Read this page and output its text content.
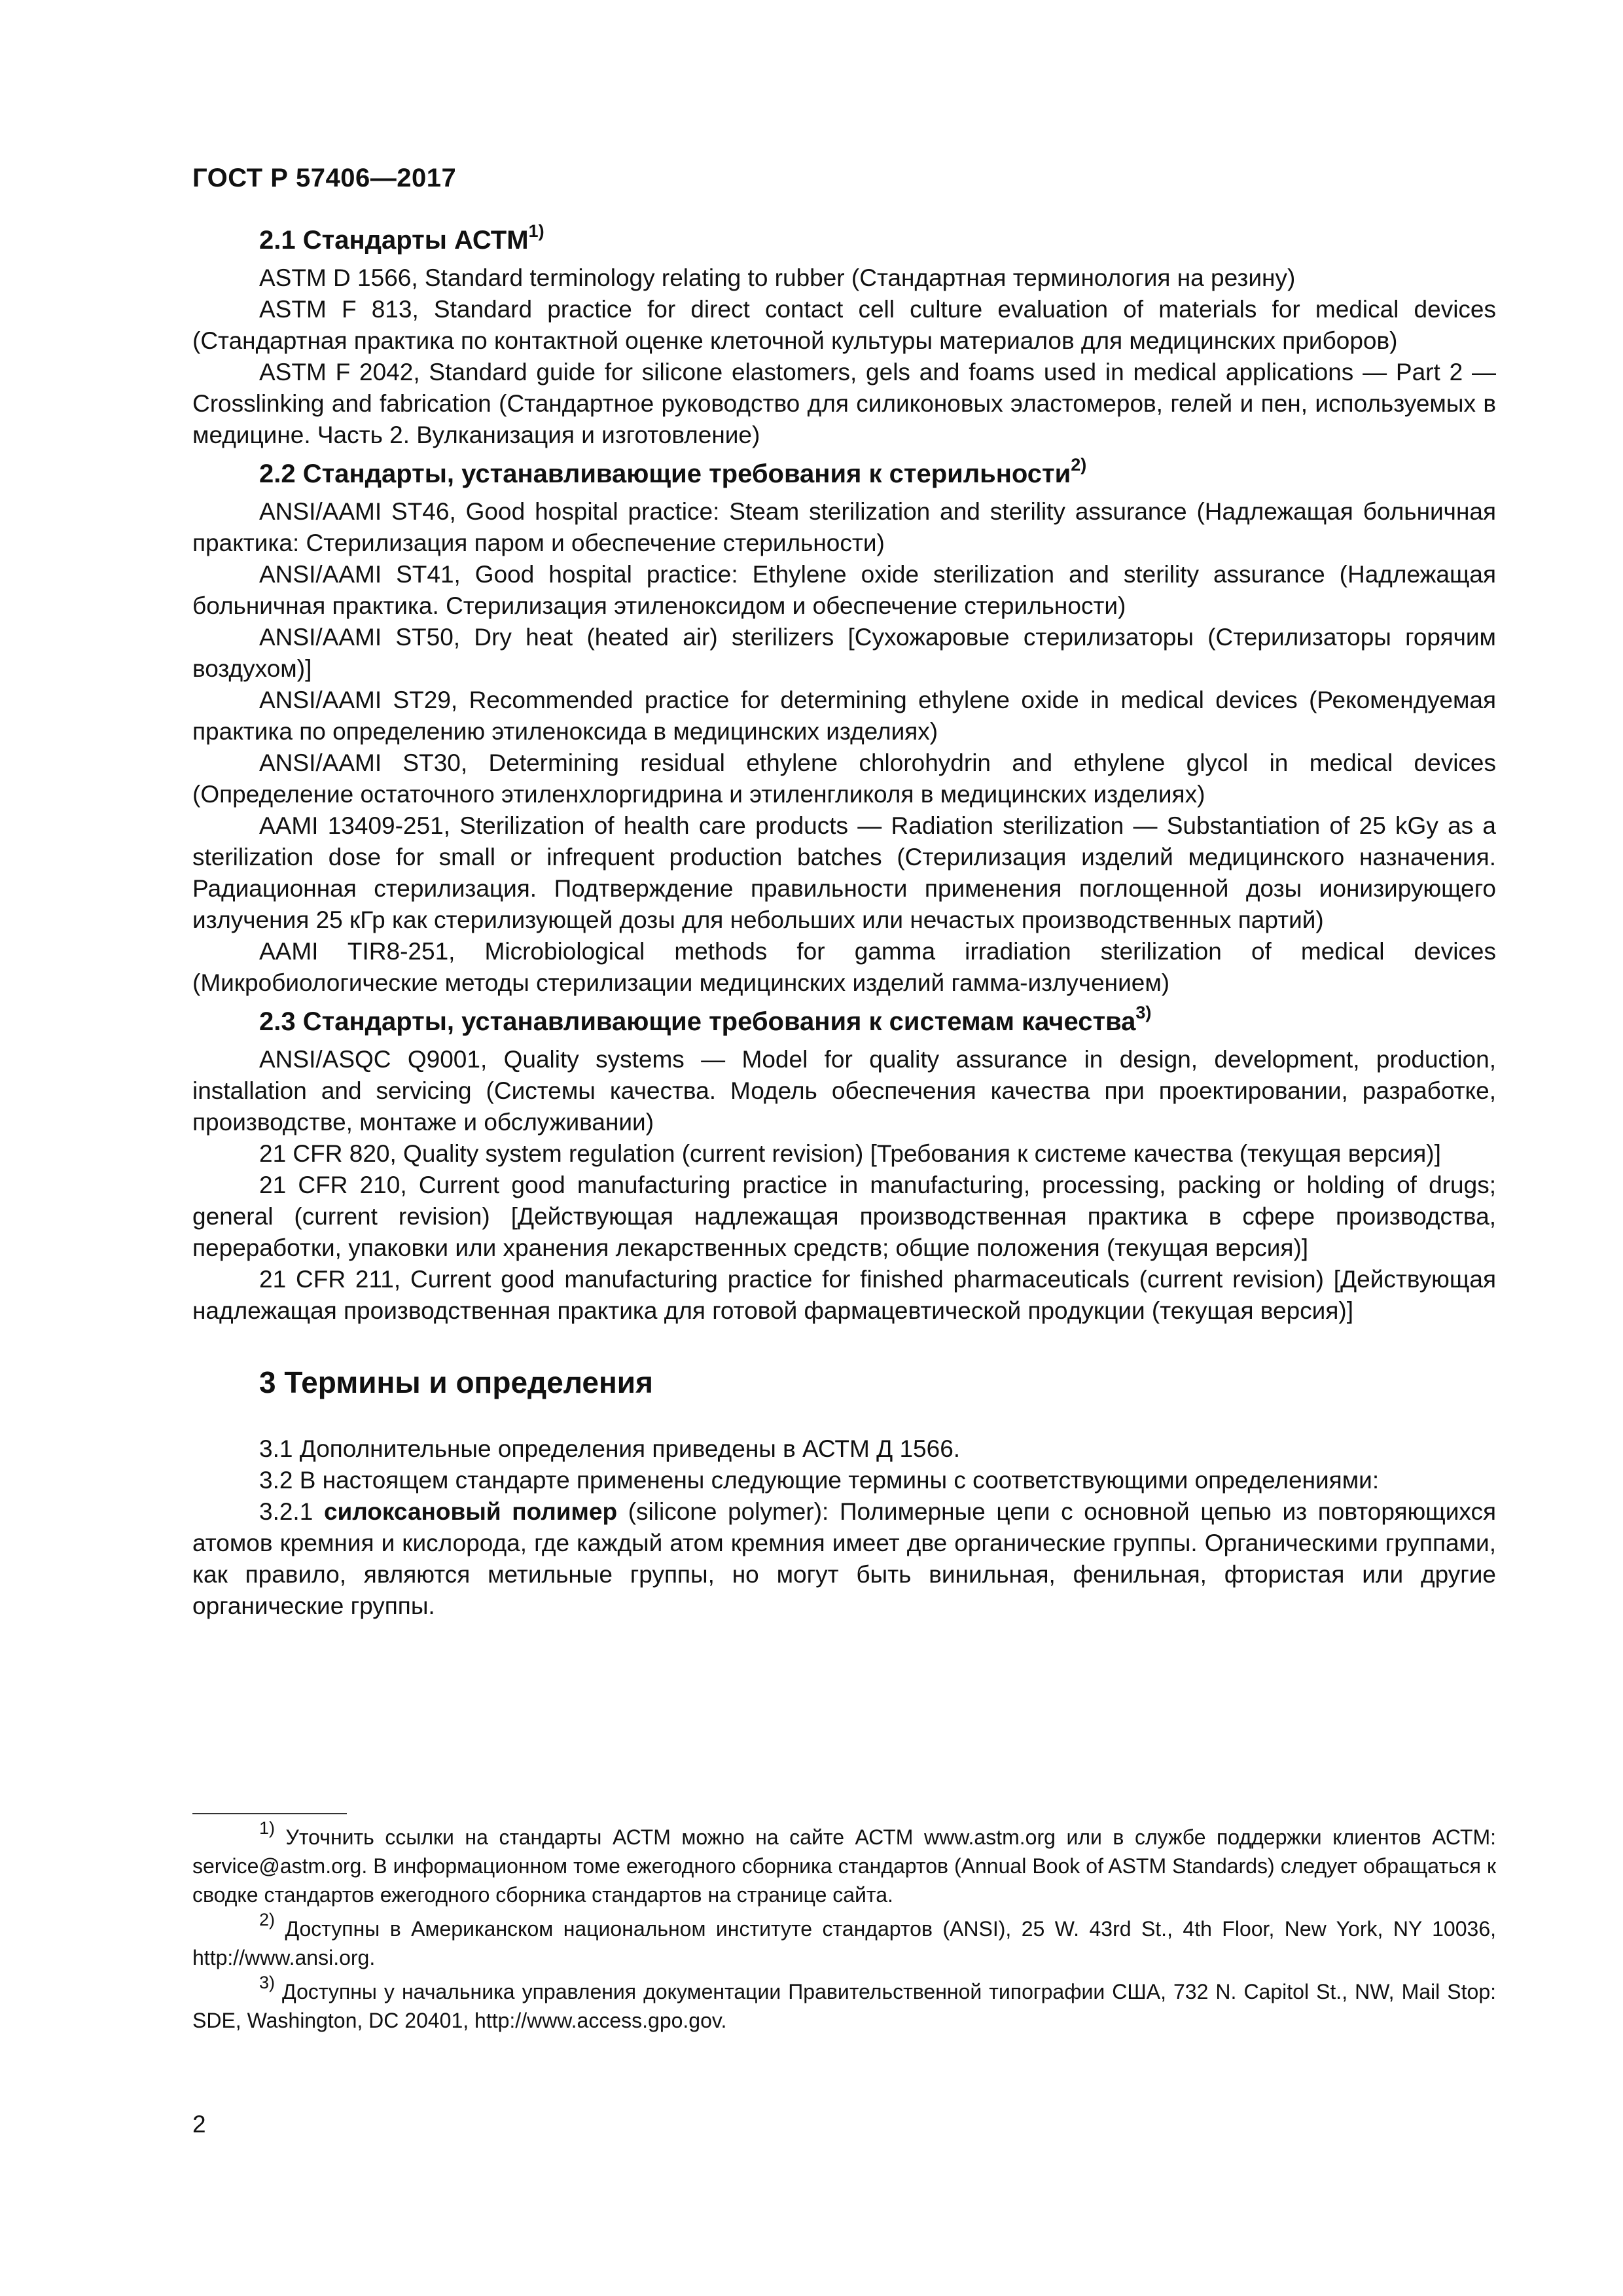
ГОСТ Р 57406—2017
2.1 Стандарты АСТМ$^{1)}$

ASTM D 1566, Standard terminology relating to rubber (Стандартная терминология на резину)

ASTM F 813, Standard practice for direct contact cell culture evaluation of materials for medical devices (Стандартная практика по контактной оценке клеточной культуры материалов для медицинских приборов)

ASTM F 2042, Standard guide for silicone elastomers, gels and foams used in medical applications — Part 2 — Crosslinking and fabrication (Стандартное руководство для силиконовых эластомеров, гелей и пен, используемых в медицине. Часть 2. Вулканизация и изготовление)

2.2 Стандарты, устанавливающие требования к стерильности$^{2)}$

ANSI/AAMI ST46, Good hospital practice: Steam sterilization and sterility assurance (Надлежащая больничная практика: Стерилизация паром и обеспечение стерильности)

ANSI/AAMI ST41, Good hospital practice: Ethylene oxide sterilization and sterility assurance (Надлежащая больничная практика. Стерилизация этиленоксидом и обеспечение стерильности)

ANSI/AAMI ST50, Dry heat (heated air) sterilizers [Сухожаровые стерилизаторы (Стерилизаторы горячим воздухом)]

ANSI/AAMI ST29, Recommended practice for determining ethylene oxide in medical devices (Рекомендуемая практика по определению этиленоксида в медицинских изделиях)

ANSI/AAMI ST30, Determining residual ethylene chlorohydrin and ethylene glycol in medical devices (Определение остаточного этиленхлоргидрина и этиленгликоля в медицинских изделиях)

AAMI 13409-251, Sterilization of health care products — Radiation sterilization — Substantiation of 25 kGy as a sterilization dose for small or infrequent production batches (Стерилизация изделий медицинского назначения. Радиационная стерилизация. Подтверждение правильности применения поглощенной дозы ионизирующего излучения 25 кГр как стерилизующей дозы для небольших или нечастых производственных партий)

AAMI TIR8-251, Microbiological methods for gamma irradiation sterilization of medical devices (Микробиологические методы стерилизации медицинских изделий гамма-излучением)

2.3 Стандарты, устанавливающие требования к системам качества$^{3)}$

ANSI/ASQC Q9001, Quality systems — Model for quality assurance in design, development, production, installation and servicing (Системы качества. Модель обеспечения качества при проектировании, разработке, производстве, монтаже и обслуживании)

21 CFR 820, Quality system regulation (current revision) [Требования к системе качества (текущая версия)]

21 CFR 210, Current good manufacturing practice in manufacturing, processing, packing or holding of drugs; general (current revision) [Действующая надлежащая производственная практика в сфере производства, переработки, упаковки или хранения лекарственных средств; общие положения (текущая версия)]

21 CFR 211, Current good manufacturing practice for finished pharmaceuticals (current revision) [Действующая надлежащая производственная практика для готовой фармацевтической продукции (текущая версия)]

3 Термины и определения

3.1 Дополнительные определения приведены в АСТМ Д 1566.

3.2 В настоящем стандарте применены следующие термины с соответствующими определениями:

3.2.1 силоксановый полимер (silicone polymer): Полимерные цепи с основной цепью из повторяющихся атомов кремния и кислорода, где каждый атом кремния имеет две органические группы. Органическими группами, как правило, являются метильные группы, но могут быть винильная, фенильная, фтористая или другие органические группы.

$^{1)}$ Уточнить ссылки на стандарты АСТМ можно на сайте АСТМ www.astm.org или в службе поддержки клиентов АСТМ: service@astm.org. В информационном томе ежегодного сборника стандартов (Annual Book of ASTM Standards) следует обращаться к сводке стандартов ежегодного сборника стандартов на странице сайта.

$^{2)}$ Доступны в Американском национальном институте стандартов (ANSI), 25 W. 43rd St., 4th Floor, New York, NY 10036, http://www.ansi.org.

$^{3)}$ Доступны у начальника управления документации Правительственной типографии США, 732 N. Capitol St., NW, Mail Stop: SDE, Washington, DC 20401, http://www.access.gpo.gov.

2
